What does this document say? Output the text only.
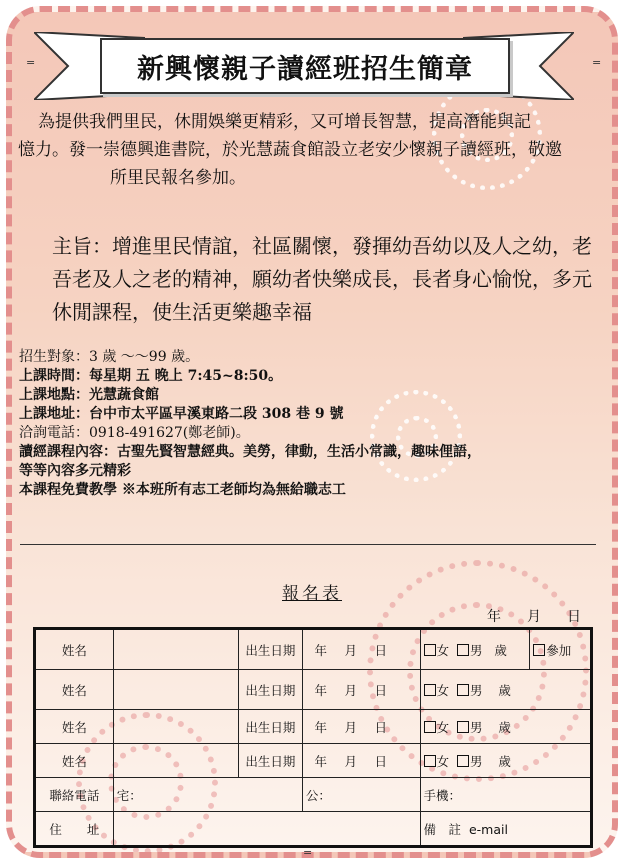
新興懷親子讀經班招生簡章
=	=
=
為提供我們里民，休閒娛樂更精彩，又可增長智慧，提高潛能與記
憶力。發一崇德興進書院，於光慧蔬食館設立老安少懷親子讀經班，敬邀
所里民報名參加。
主旨：增進里民情誼，社區關懷，發揮幼吾幼以及人之幼，老
吾老及人之老的精神，願幼者快樂成長，長者身心愉悅，多元
休閒課程，使生活更樂趣幸福
招生對象：3 歲 ～～99 歲。
上課時間：每星期 五 晚上 7:45~8:50。
上課地點：光慧蔬食館
上課地址：台中市太平區早溪東路二段 308 巷 9 號
洽詢電話：0918-491627(鄭老師)。
讀經課程內容：古聖先賢智慧經典。美勞，律動，生活小常識，趣味俚語，
等等內容多元精彩
本課程免費教學 ※本班所有志工老師均為無給職志工
報名表
年 月 日
姓名		出生日期	年 月 日	女 男 歲	參加
姓名		出生日期	年 月 日	女 男 歲	
姓名		出生日期	年 月 日	女 男 歲	
姓名		出生日期	年 月 日	女 男 歲	
聯絡電話	宅：		公：	手機：	
住　　址				備　註 e-mail	
